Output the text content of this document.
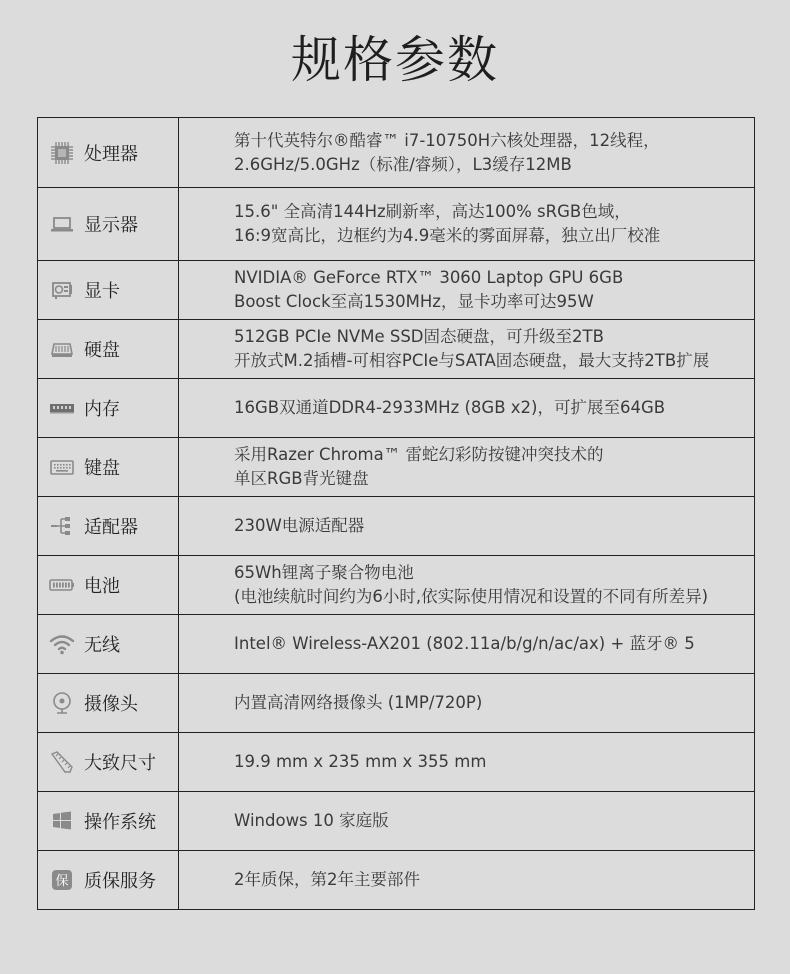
规格参数
处理器	第十代英特尔®酷睿™ i7-10750H六核处理器，12线程，
2.6GHz/5.0GHz（标准/睿频），L3缓存12MB

显示器	15.6" 全高清144Hz刷新率，高达100% sRGB色域，
16:9宽高比，边框约为4.9毫米的雾面屏幕，独立出厂校准

显卡	NVIDIA® GeForce RTX™ 3060 Laptop GPU 6GB
Boost Clock至高1530MHz，显卡功率可达95W

硬盘	512GB PCIe NVMe SSD固态硬盘，可升级至2TB
开放式M.2插槽-可相容PCIe与SATA固态硬盘，最大支持2TB扩展

内存	16GB双通道DDR4-2933MHz (8GB x2)，可扩展至64GB

键盘	采用Razer Chroma™ 雷蛇幻彩防按键冲突技术的
单区RGB背光键盘

适配器	230W电源适配器

电池	65Wh锂离子聚合物电池
(电池续航时间约为6小时,依实际使用情况和设置的不同有所差异)

无线	Intel® Wireless-AX201 (802.11a/b/g/n/ac/ax) + 蓝牙® 5

摄像头	内置高清网络摄像头 (1MP/720P)

大致尺寸	19.9 mm x 235 mm x 355 mm

操作系统	Windows 10 家庭版

保 质保服务	2年质保，第2年主要部件
